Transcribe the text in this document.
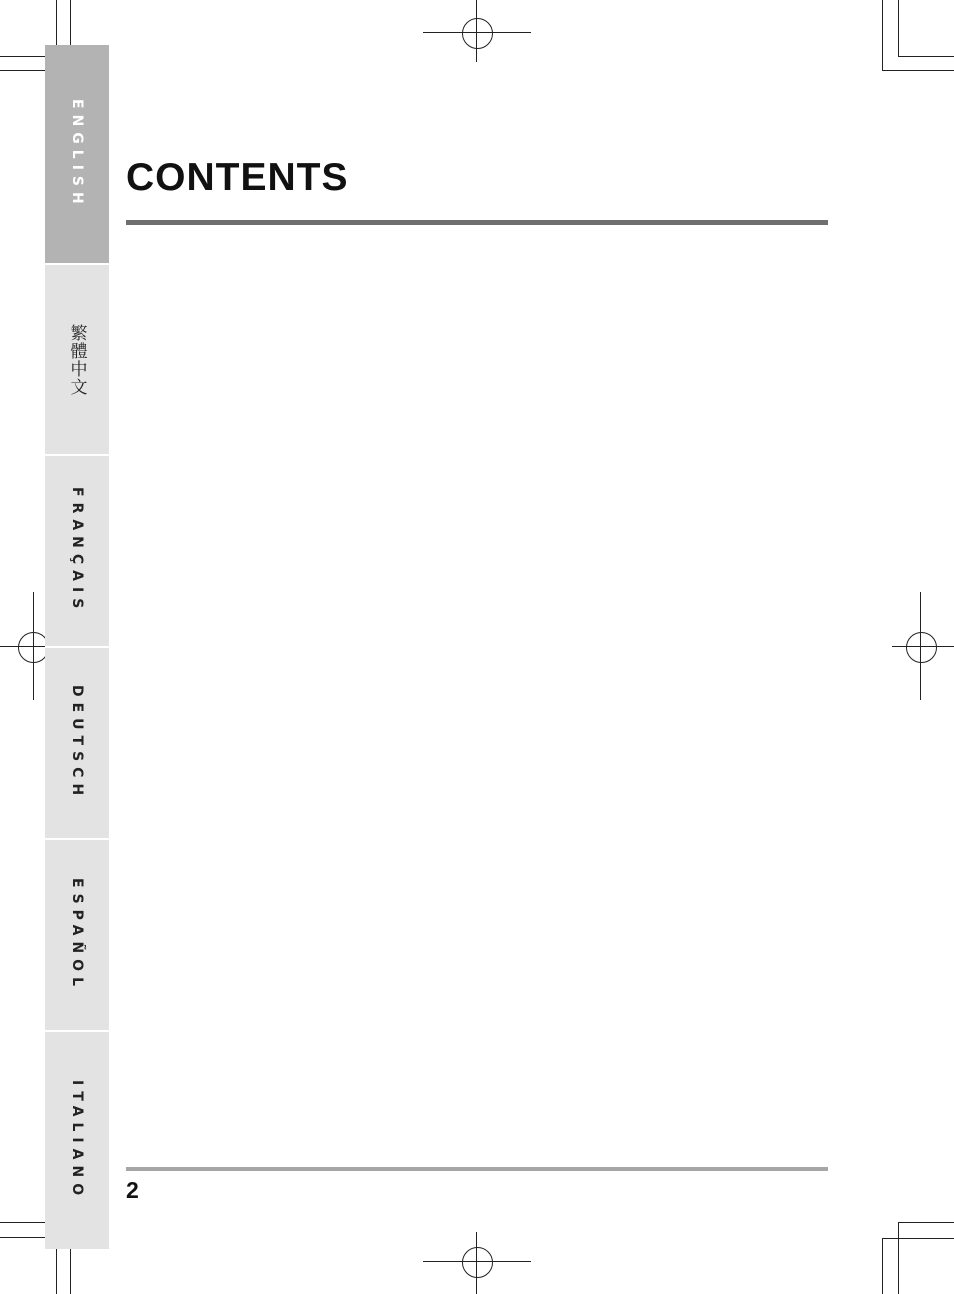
ENGLISH
繁體中文
FRANÇAIS
DEUTSCH
ESPAÑOL
ITALIANO
CONTENTS
2
